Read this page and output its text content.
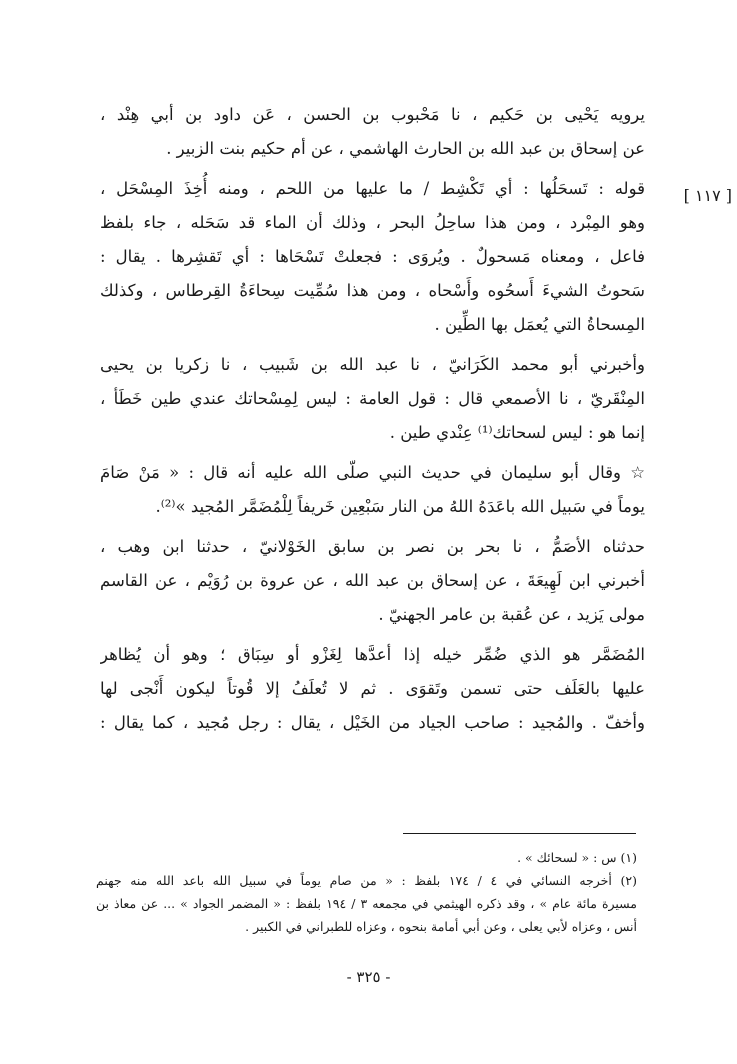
يرويه يَحْيى بن حَكيم ، نا مَحْبوب بن الحسن ، عَن داود بن أبي هِنْد ،
عن إسحاق بن عبد الله بن الحارث الهاشمي ، عن أم حكيم بنت الزبير .
قوله : تَسحَلُها : أي تَكْشِط / ما عليها من اللحم ، ومنه أُخِذَ المِسْحَل ،
وهو المِبْرد ، ومن هذا ساحِلُ البحر ، وذلك أن الماء قد سَحَله ، جاء بلفظ
فاعل ، ومعناه مَسحولٌ . ويُروَى : فجعلتْ تَسْحَاها : أي تَقشِرها . يقال :
سَحوتُ الشيءَ أَسحُوه وأَسْحاه ، ومن هذا سُمِّيت سِحاءَةُ القِرطاس ، وكذلك
المِسحاةُ التي يُعمَل بها الطِّين .
وأخبرني أبو محمد الكَرَانيّ ، نا عبد الله بن شَبيب ، نا زكريا بن يحيى
المِنْقَريّ ، نا الأصمعي قال : قول العامة : ليس لِمِسْحاتك عندي طين خَطَأ ،
إنما هو : ليس لسحاتك⁽¹⁾ عِنْدي طين .
☆ وقال أبو سليمان في حديث النبي صلّى الله عليه أنه قال : « مَنْ صَامَ
يوماً في سَبيل الله باعَدَهُ اللهُ من النار سَبْعِين خَريفاً لِلْمُضَمَّر المُجيد »⁽²⁾.
حدثناه الأصَمُّ ، نا بحر بن نصر بن سابق الخَوْلانيّ ، حدثنا ابن وهب ،
أخبرني ابن لَهِيعَةَ ، عن إسحاق بن عبد الله ، عن عروة بن رُوَيْم ، عن القاسم
مولى يَزيد ، عن عُقبة بن عامر الجهنيّ .
المُضَمَّر هو الذي ضُمِّر خيله إذا أعدَّها لِغَزْو أو سِبَاق ؛ وهو أن يُظاهر
عليها بالعَلَف حتى تسمن وتَقوَى . ثم لا تُعلَفُ إلا قُوتاً ليكون أَنْجى لها
وأخفّ . والمُجيد : صاحب الجياد من الخَيْل ، يقال : رجل مُجيد ، كما يقال :
[ ١١٧ ]
(١) س : « لسحائك » .
(٢) أخرجه النسائي في ٤ / ١٧٤ بلفظ : « من صام يوماً في سبيل الله باعد الله منه جهنم
مسيرة مائة عام » ، وقد ذكره الهيثمي في مجمعه ٣ / ١٩٤ بلفظ : « المضمر الجواد » ... عن معاذ بن
أنس ، وعزاه لأبي يعلى ، وعن أبي أمامة بنحوه ، وعزاه للطبراني في الكبير .
- ٣٢٥ -
